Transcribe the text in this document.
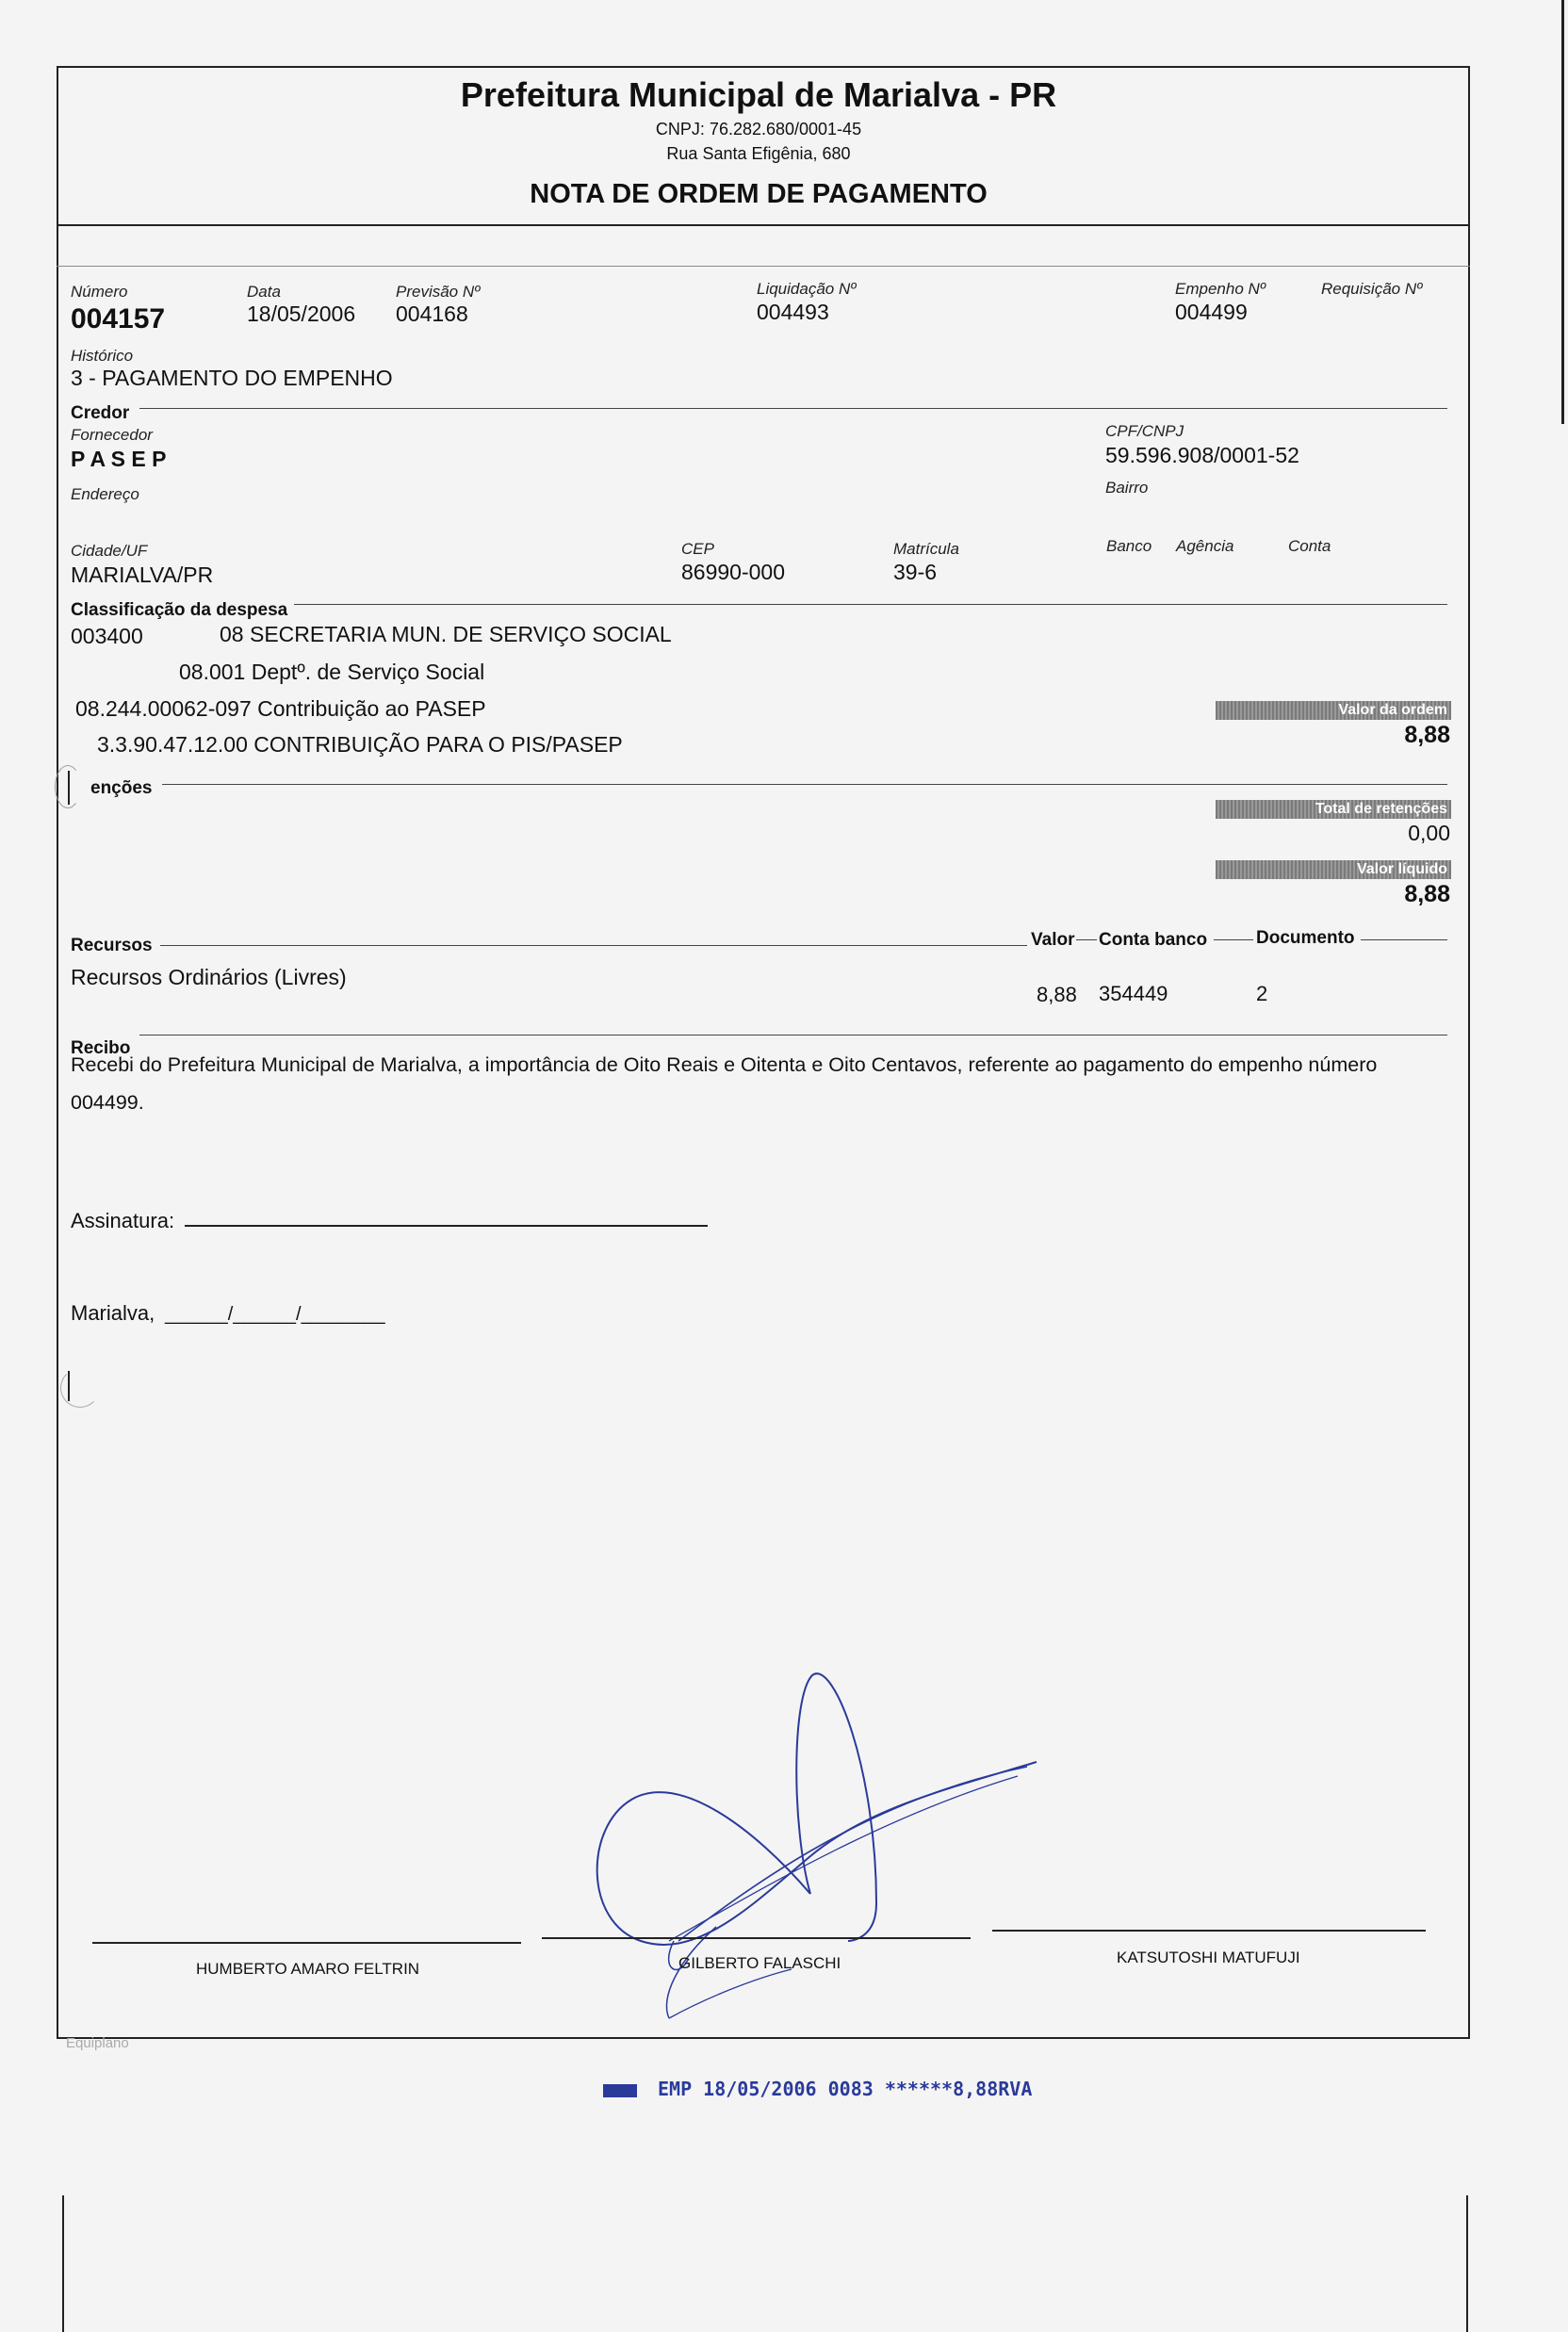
Prefeitura Municipal de Marialva - PR
CNPJ: 76.282.680/0001-45
Rua Santa Efigênia, 680
NOTA DE ORDEM DE PAGAMENTO
Número
004157
Data
18/05/2006
Previsão Nº
004168
Liquidação Nº
004493
Empenho Nº
004499
Requisição Nº
Histórico
3 - PAGAMENTO DO EMPENHO
Credor
Fornecedor
P A S E P
CPF/CNPJ
59.596.908/0001-52
Endereço	Bairro
Cidade/UF
MARIALVA/PR
CEP
86990-000
Matrícula
39-6
Banco Agência	Conta
Classificação da despesa
003400	08 SECRETARIA MUN. DE SERVIÇO SOCIAL
08.001 Deptº. de Serviço Social
08.244.00062-097 Contribuição ao PASEP
3.3.90.47.12.00 CONTRIBUIÇÃO PARA O PIS/PASEP
Valor da ordem
8,88
enções
Total de retenções
0,00
Valor líquido
8,88
Recursos	Valor Conta banco	Documento
Recursos Ordinários (Livres)
8,88 354449	2
Recibo
Recebi do Prefeitura Municipal de Marialva, a importância de Oito Reais e Oitenta e Oito Centavos, referente ao pagamento do empenho número
004499.
Assinatura:
Marialva, ______/______/________
HUMBERTO AMARO FELTRIN	GILBERTO FALASCHI	KATSUTOSHI MATUFUJI
Equiplano
EMP 18/05/2006 0083 ******8,88RVA
